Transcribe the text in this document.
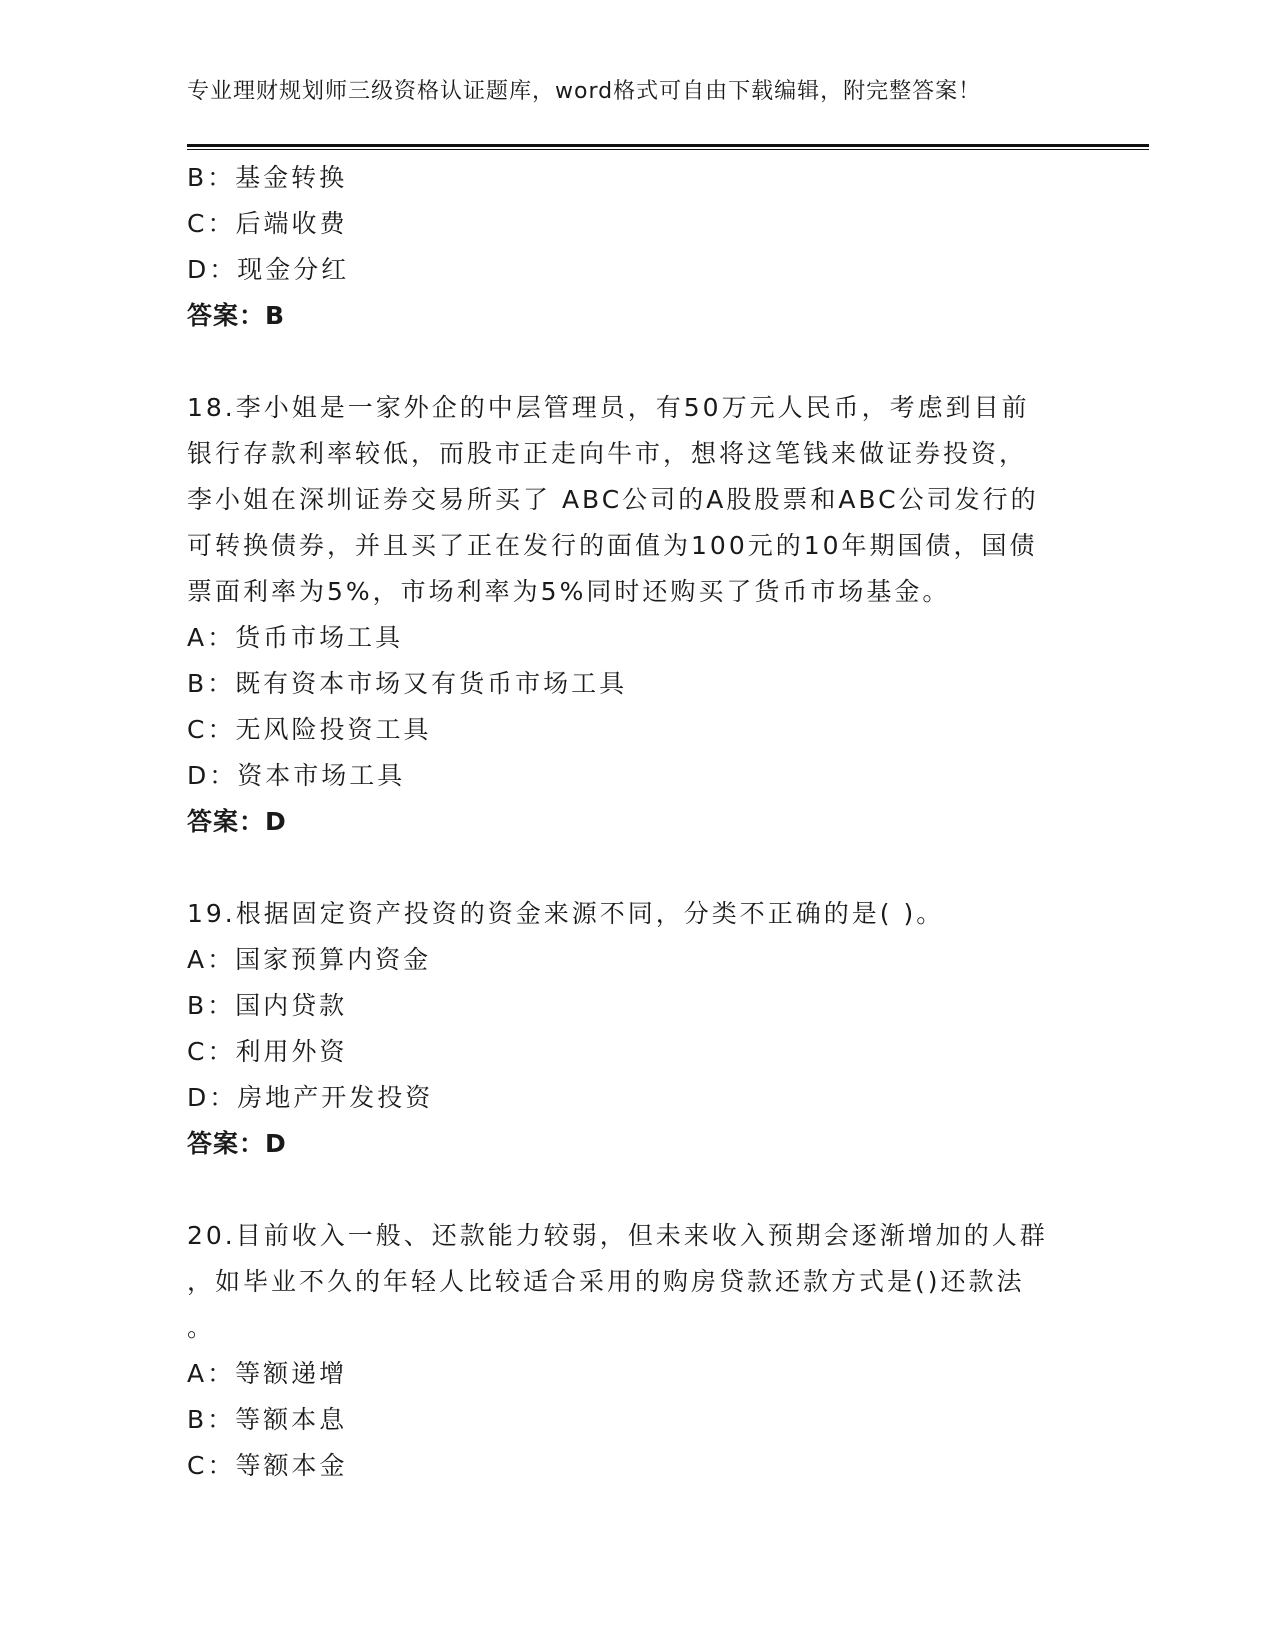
专业理财规划师三级资格认证题库，word格式可自由下载编辑，附完整答案！
B：基金转换
C：后端收费
D：现金分红
答案：B
18.李小姐是一家外企的中层管理员，有50万元人民币，考虑到目前
银行存款利率较低，而股市正走向牛市，想将这笔钱来做证券投资，
李小姐在深圳证券交易所买了 ABC公司的A股股票和ABC公司发行的
可转换债券，并且买了正在发行的面值为100元的10年期国债，国债
票面利率为5%，市场利率为5%同时还购买了货币市场基金。
A：货币市场工具
B：既有资本市场又有货币市场工具
C：无风险投资工具
D：资本市场工具
答案：D
19.根据固定资产投资的资金来源不同，分类不正确的是( )。
A：国家预算内资金
B：国内贷款
C：利用外资
D：房地产开发投资
答案：D
20.目前收入一般、还款能力较弱，但未来收入预期会逐渐增加的人群
，如毕业不久的年轻人比较适合采用的购房贷款还款方式是()还款法
。
A：等额递增
B：等额本息
C：等额本金
